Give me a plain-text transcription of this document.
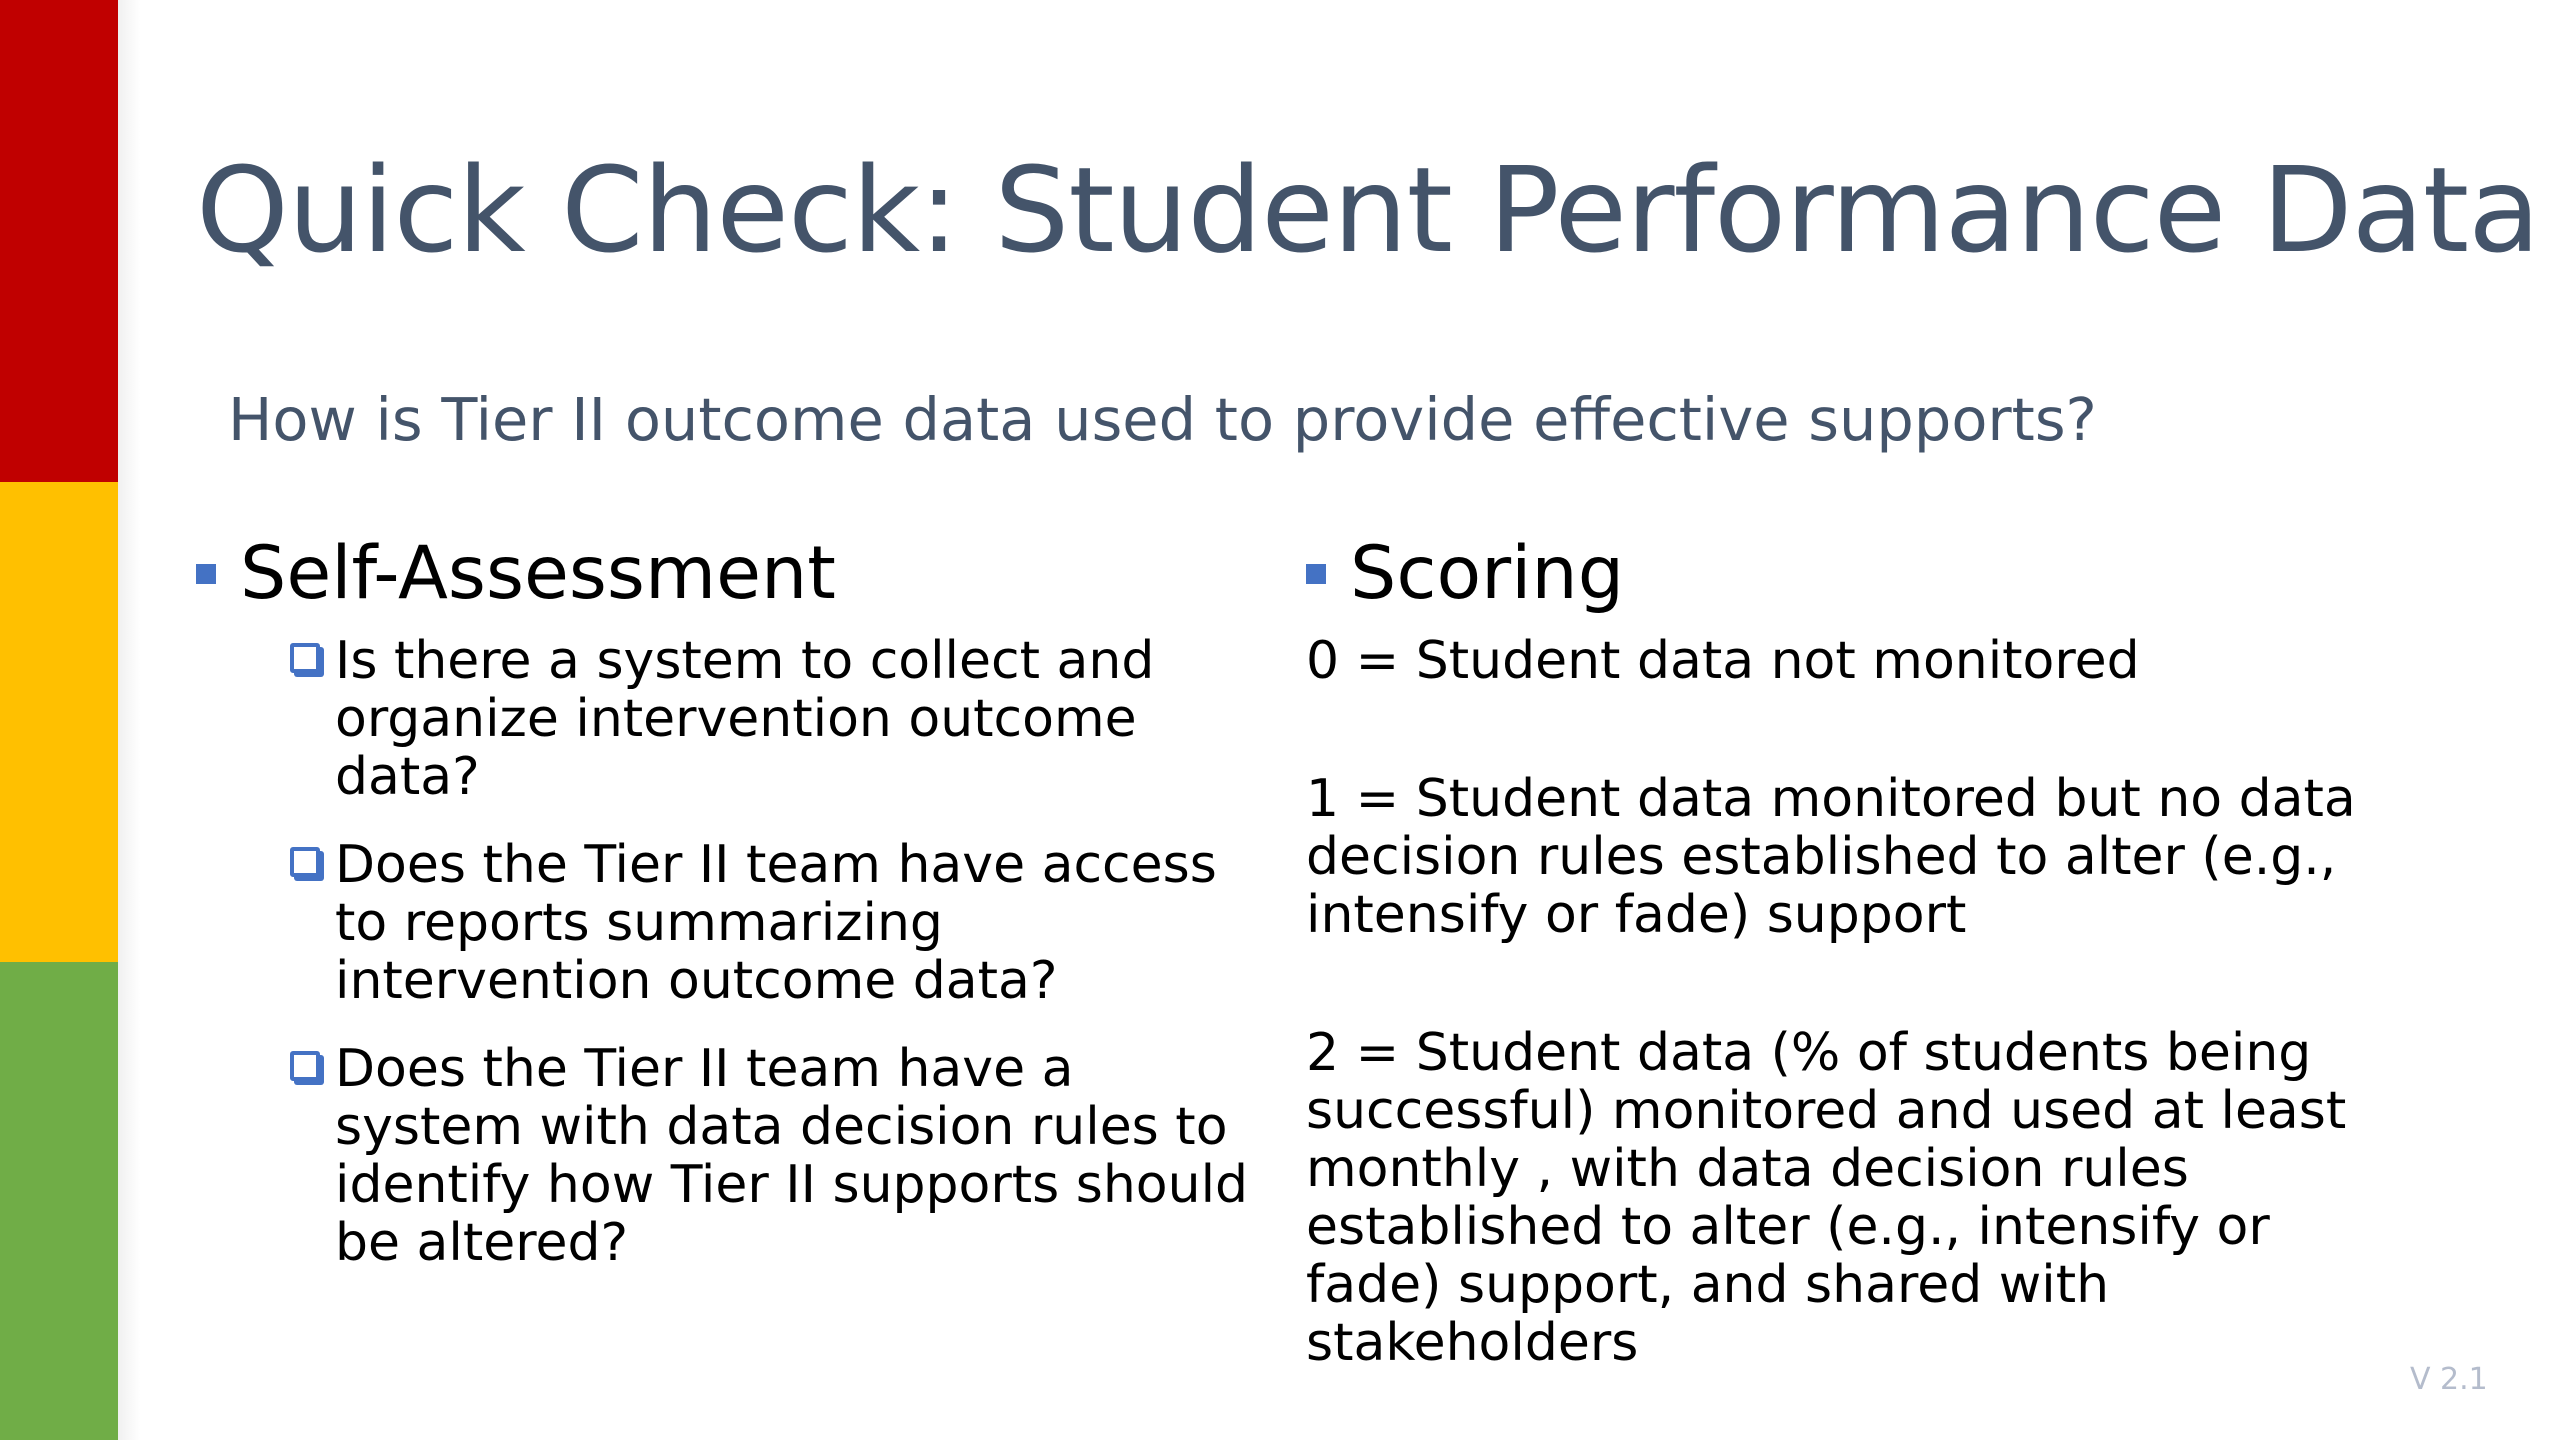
Quick Check: Student Performance Data
How is Tier II outcome data used to provide effective supports?
Self-Assessment
Is there a system to collect and organize intervention outcome data?
Does the Tier II team have access to reports summarizing intervention outcome data?
Does the Tier II team have a system with data decision rules to identify how Tier II supports should be altered?
Scoring
0 = Student data not monitored
1 = Student data monitored but no data decision rules established to alter (e.g., intensify or fade) support
2 = Student data (% of students being successful) monitored and used at least monthly , with data decision rules established to alter (e.g., intensify or fade) support, and shared with stakeholders
V 2.1
